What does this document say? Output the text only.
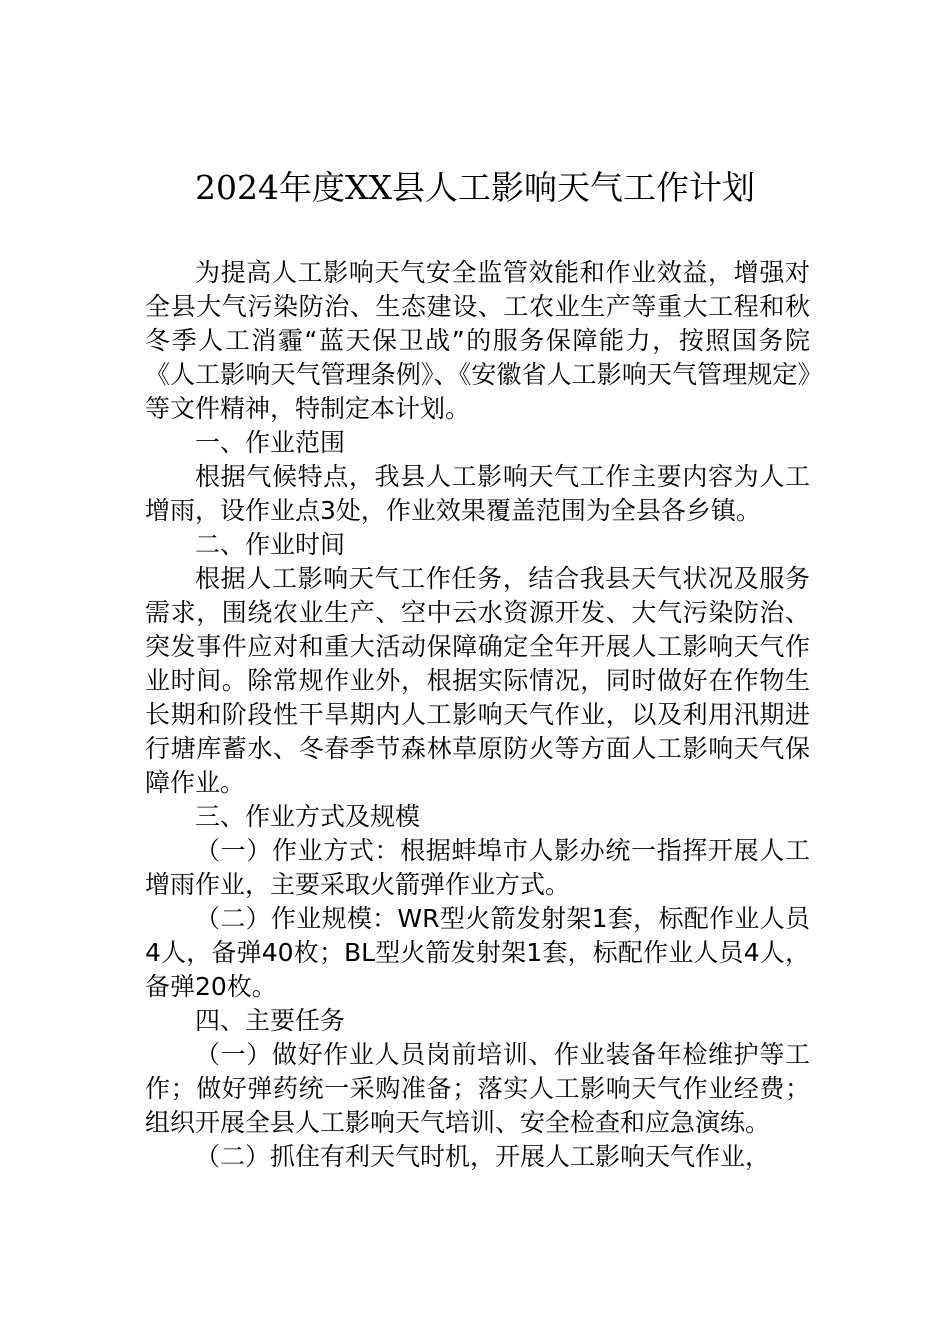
2024年度XX县人工影响天气工作计划

为提高人工影响天气安全监管效能和作业效益，增强对全县大气污染防治、生态建设、工农业生产等重大工程和秋冬季人工消霾“蓝天保卫战”的服务保障能力，按照国务院《人工影响天气管理条例》、《安徽省人工影响天气管理规定》等文件精神，特制定本计划。

一、作业范围

根据气候特点，我县人工影响天气工作主要内容为人工增雨，设作业点3处，作业效果覆盖范围为全县各乡镇。

二、作业时间

根据人工影响天气工作任务，结合我县天气状况及服务需求，围绕农业生产、空中云水资源开发、大气污染防治、突发事件应对和重大活动保障确定全年开展人工影响天气作业时间。除常规作业外，根据实际情况，同时做好在作物生长期和阶段性干旱期内人工影响天气作业，以及利用汛期进行塘库蓄水、冬春季节森林草原防火等方面人工影响天气保障作业。

三、作业方式及规模

（一）作业方式：根据蚌埠市人影办统一指挥开展人工增雨作业，主要采取火箭弹作业方式。

（二）作业规模：WR型火箭发射架1套，标配作业人员4人，备弹40枚；BL型火箭发射架1套，标配作业人员4人，备弹20枚。

四、主要任务

（一）做好作业人员岗前培训、作业装备年检维护等工作；做好弹药统一采购准备；落实人工影响天气作业经费；组织开展全县人工影响天气培训、安全检查和应急演练。

（二）抓住有利天气时机，开展人工影响天气作业，
